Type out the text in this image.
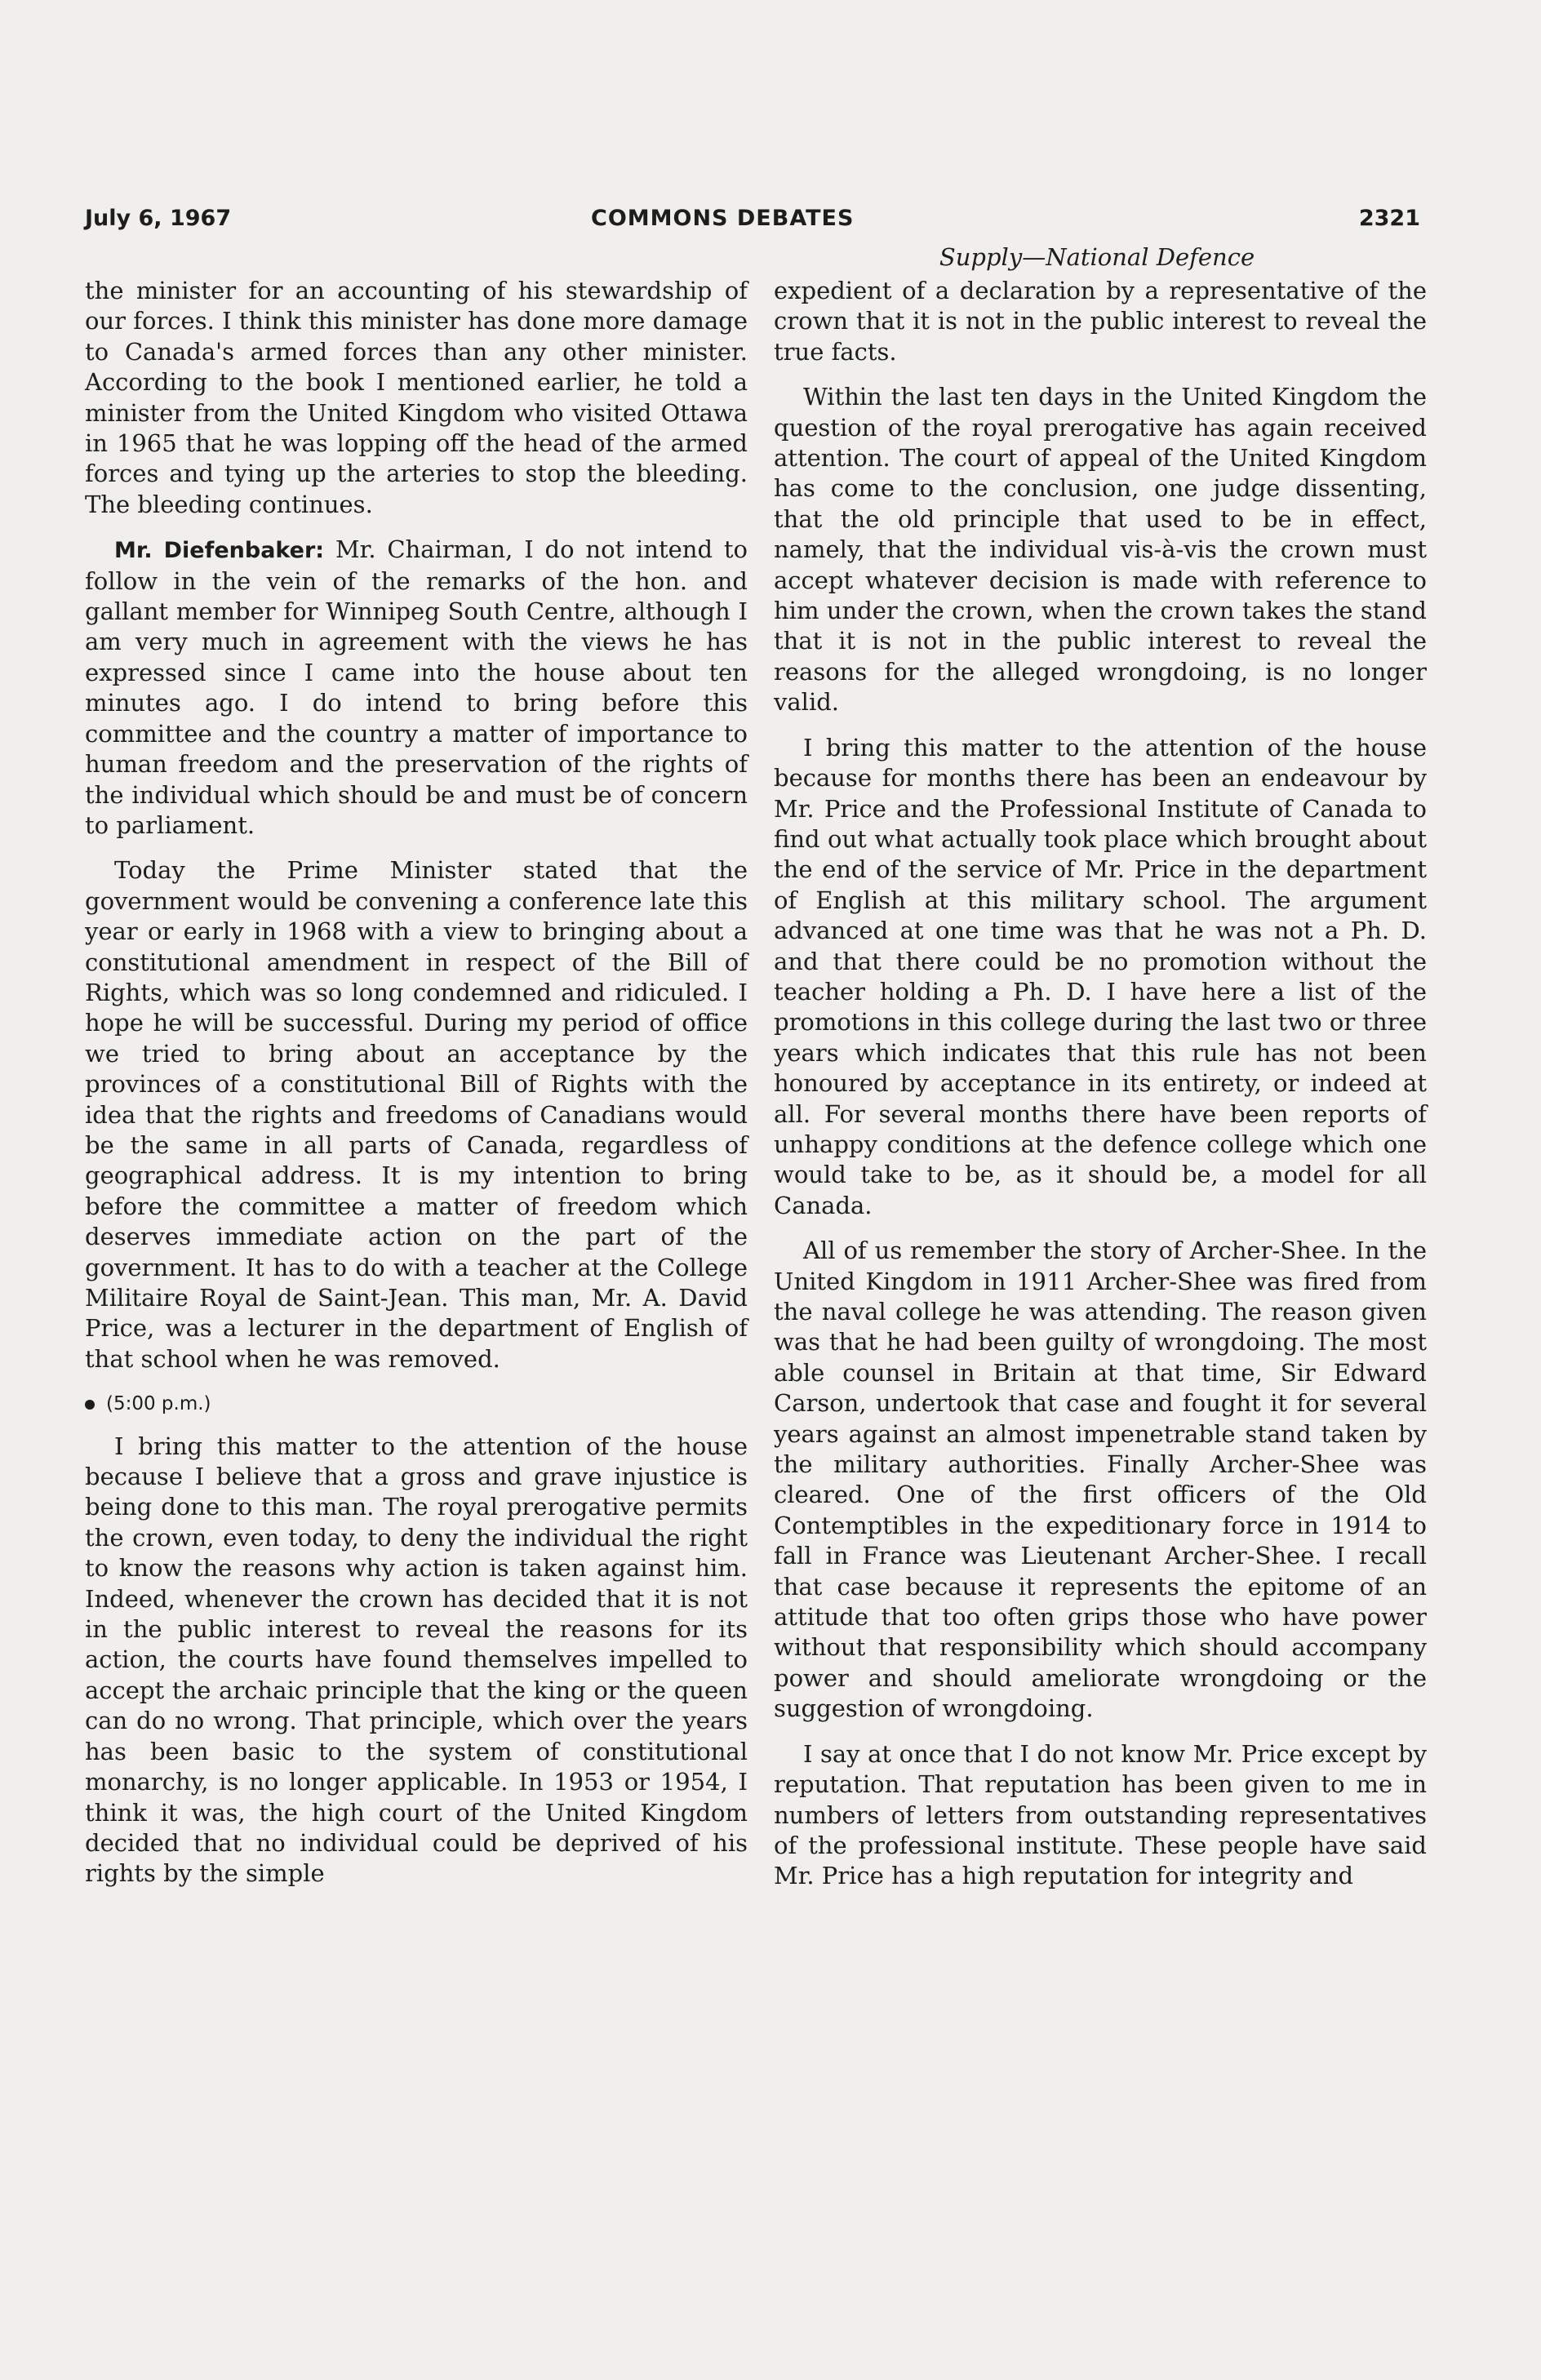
July 6, 1967	COMMONS DEBATES	2321
Supply—National Defence

the minister for an accounting of his stewardship of our forces. I think this minister has done more damage to Canada's armed forces than any other minister. According to the book I mentioned earlier, he told a minister from the United Kingdom who visited Ottawa in 1965 that he was lopping off the head of the armed forces and tying up the arteries to stop the bleeding. The bleeding continues.

Mr. Diefenbaker: Mr. Chairman, I do not intend to follow in the vein of the remarks of the hon. and gallant member for Winnipeg South Centre, although I am very much in agreement with the views he has expressed since I came into the house about ten minutes ago. I do intend to bring before this committee and the country a matter of importance to human freedom and the preservation of the rights of the individual which should be and must be of concern to parliament.

Today the Prime Minister stated that the government would be convening a conference late this year or early in 1968 with a view to bringing about a constitutional amendment in respect of the Bill of Rights, which was so long condemned and ridiculed. I hope he will be successful. During my period of office we tried to bring about an acceptance by the provinces of a constitutional Bill of Rights with the idea that the rights and freedoms of Canadians would be the same in all parts of Canada, regardless of geographical address. It is my intention to bring before the committee a matter of freedom which deserves immediate action on the part of the government. It has to do with a teacher at the College Militaire Royal de Saint-Jean. This man, Mr. A. David Price, was a lecturer in the department of English of that school when he was removed.

(5:00 p.m.)

I bring this matter to the attention of the house because I believe that a gross and grave injustice is being done to this man. The royal prerogative permits the crown, even today, to deny the individual the right to know the reasons why action is taken against him. Indeed, whenever the crown has decided that it is not in the public interest to reveal the reasons for its action, the courts have found themselves impelled to accept the archaic principle that the king or the queen can do no wrong. That principle, which over the years has been basic to the system of constitutional monarchy, is no longer applicable. In 1953 or 1954, I think it was, the high court of the United Kingdom decided that no individual could be deprived of his rights by the simple

expedient of a declaration by a representative of the crown that it is not in the public interest to reveal the true facts.

Within the last ten days in the United Kingdom the question of the royal prerogative has again received attention. The court of appeal of the United Kingdom has come to the conclusion, one judge dissenting, that the old principle that used to be in effect, namely, that the individual vis-à-vis the crown must accept whatever decision is made with reference to him under the crown, when the crown takes the stand that it is not in the public interest to reveal the reasons for the alleged wrongdoing, is no longer valid.

I bring this matter to the attention of the house because for months there has been an endeavour by Mr. Price and the Professional Institute of Canada to find out what actually took place which brought about the end of the service of Mr. Price in the department of English at this military school. The argument advanced at one time was that he was not a Ph. D. and that there could be no promotion without the teacher holding a Ph. D. I have here a list of the promotions in this college during the last two or three years which indicates that this rule has not been honoured by acceptance in its entirety, or indeed at all. For several months there have been reports of unhappy conditions at the defence college which one would take to be, as it should be, a model for all Canada.

All of us remember the story of Archer-Shee. In the United Kingdom in 1911 Archer-Shee was fired from the naval college he was attending. The reason given was that he had been guilty of wrongdoing. The most able counsel in Britain at that time, Sir Edward Carson, undertook that case and fought it for several years against an almost impenetrable stand taken by the military authorities. Finally Archer-Shee was cleared. One of the first officers of the Old Contemptibles in the expeditionary force in 1914 to fall in France was Lieutenant Archer-Shee. I recall that case because it represents the epitome of an attitude that too often grips those who have power without that responsibility which should accompany power and should ameliorate wrongdoing or the suggestion of wrongdoing.

I say at once that I do not know Mr. Price except by reputation. That reputation has been given to me in numbers of letters from outstanding representatives of the professional institute. These people have said Mr. Price has a high reputation for integrity and
